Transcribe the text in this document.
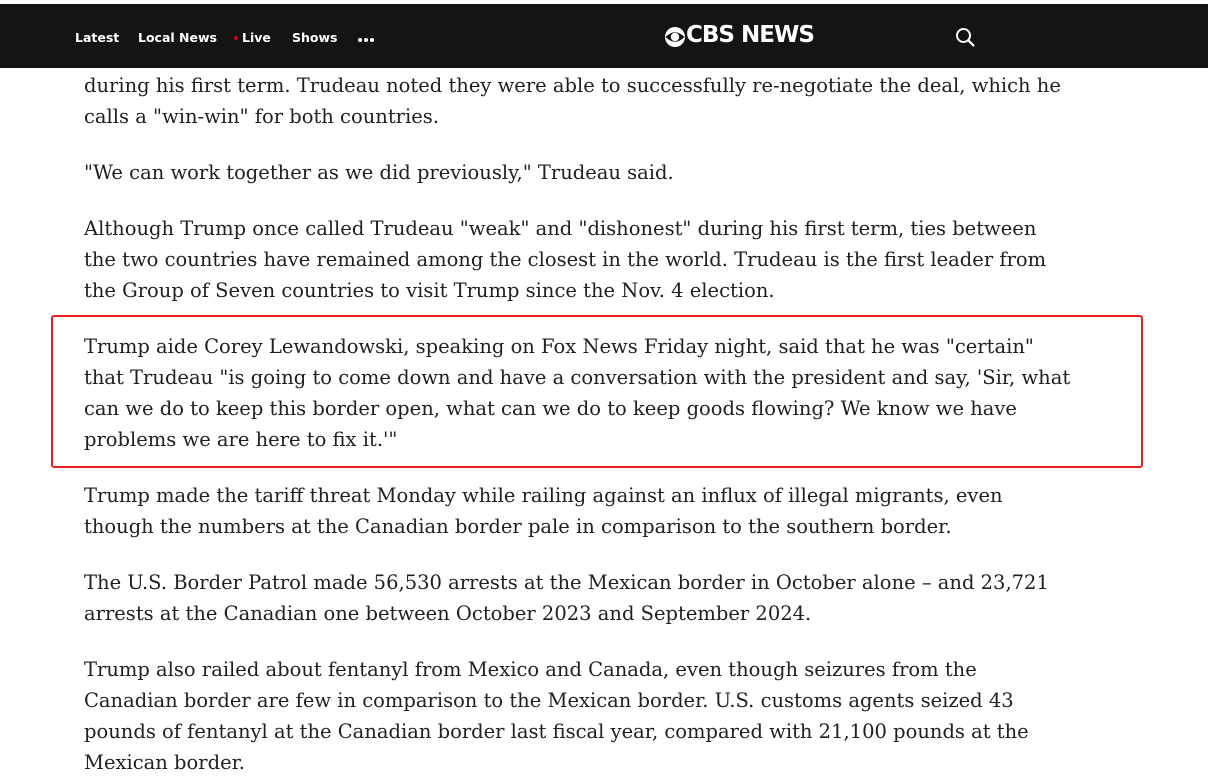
Latest Local News	Live Shows	CBS NEWS

during his first term. Trudeau noted they were able to successfully re-negotiate the deal, which he calls a "win-win" for both countries.

"We can work together as we did previously," Trudeau said.

Although Trump once called Trudeau "weak" and "dishonest" during his first term, ties between the two countries have remained among the closest in the world. Trudeau is the first leader from the Group of Seven countries to visit Trump since the Nov. 4 election.

Trump aide Corey Lewandowski, speaking on Fox News Friday night, said that he was "certain" that Trudeau "is going to come down and have a conversation with the president and say, 'Sir, what can we do to keep this border open, what can we do to keep goods flowing? We know we have problems we are here to fix it.'"

Trump made the tariff threat Monday while railing against an influx of illegal migrants, even though the numbers at the Canadian border pale in comparison to the southern border.

The U.S. Border Patrol made 56,530 arrests at the Mexican border in October alone – and 23,721 arrests at the Canadian one between October 2023 and September 2024.

Trump also railed about fentanyl from Mexico and Canada, even though seizures from the Canadian border are few in comparison to the Mexican border. U.S. customs agents seized 43 pounds of fentanyl at the Canadian border last fiscal year, compared with 21,100 pounds at the Mexican border.
